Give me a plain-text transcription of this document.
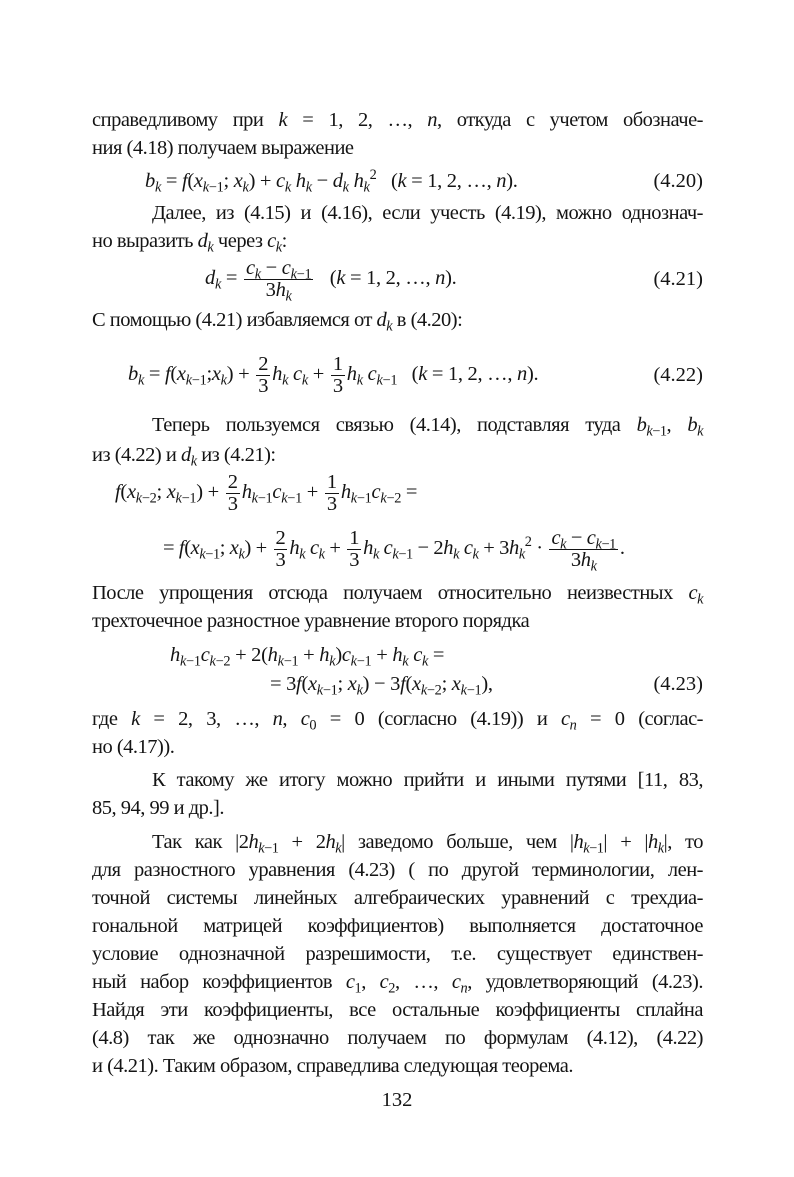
справедливому при k = 1, 2, …, n, откуда с учетом обозначе-
ния (4.18) получаем выражение
$b_k = f(x_{k-1}$; $x_k) + c_k$ $h_k - d_k$ $h_k^2$   (k = 1, 2, …, n).	(4.20)
Далее, из (4.15) и (4.16), если учесть (4.19), можно однознач-
но выразить $d_k$ через $c_k$:
$d_k = \frac{c_k - c_{k-1}}{3h_k} (k = 1$, 2, …, n).	(4.21)
С помощью (4.21) избавляемся от $d_k$ в (4.20):
$b_k$ = $f(x_{k-1};x_k) + \frac{2}{3} h_k$ $c_k + \frac{1}{3} h_k$ $c_{k-1}$   (k = 1, 2, …, n).	(4.22)
Теперь пользуемся связью (4.14), подставляя туда $b_{k-1}$, $b_k$
из (4.22) и $d_k$ из (4.21):
$f(x_{k-2}$; $x_{k-1}) + \frac{2}{3} h_{k-1}c_{k-1} + \frac{1}{3} h_{k-1}c_{k-2}$ =
= $f(x_{k-1}$; $x_k) + \frac{2}{3} h_k$ $c_k + \frac{1}{3} h_k$ $c_{k-1} - 2h_k$ $c_k + 3h_k^2 \cdot \frac{c_k - c_{k-1}}{3h_k}$ .
После упрощения отсюда получаем относительно неизвестных $c_k$
трехточечное разностное уравнение второго порядка
$h_{k-1}c_{k-2} + 2(h_{k-1} + h_k)c_{k-1} + h_k$ $c_k$ =
= $3f(x_{k-1}$; $x_k) - 3f(x_{k-2}$; $x_{k-1}$),	(4.23)
где k = 2, 3, …, n, $c_0 = 0$ (согласно (4.19)) и $c_n = 0$ (соглас-
но (4.17)).
К такому же итогу можно прийти и иными путями [11, 83,
85, 94, 99 и др.].
Так как $|2h_{k-1} + 2h_k|$ заведомо больше, чем $|h_{k-1}| + |h_k|$, то
для разностного уравнения (4.23) ( по другой терминологии, лен-
точной системы линейных алгебраических уравнений с трехдиа-
гональной матрицей коэффициентов) выполняется достаточное
условие однозначной разрешимости, т.е. существует единствен-
ный набор коэффициентов $c_1$, $c_2$, …, $c_n$, удовлетворяющий (4.23).
Найдя эти коэффициенты, все остальные коэффициенты сплайна
(4.8) так же однозначно получаем по формулам (4.12), (4.22)
и (4.21). Таким образом, справедлива следующая теорема.
132
